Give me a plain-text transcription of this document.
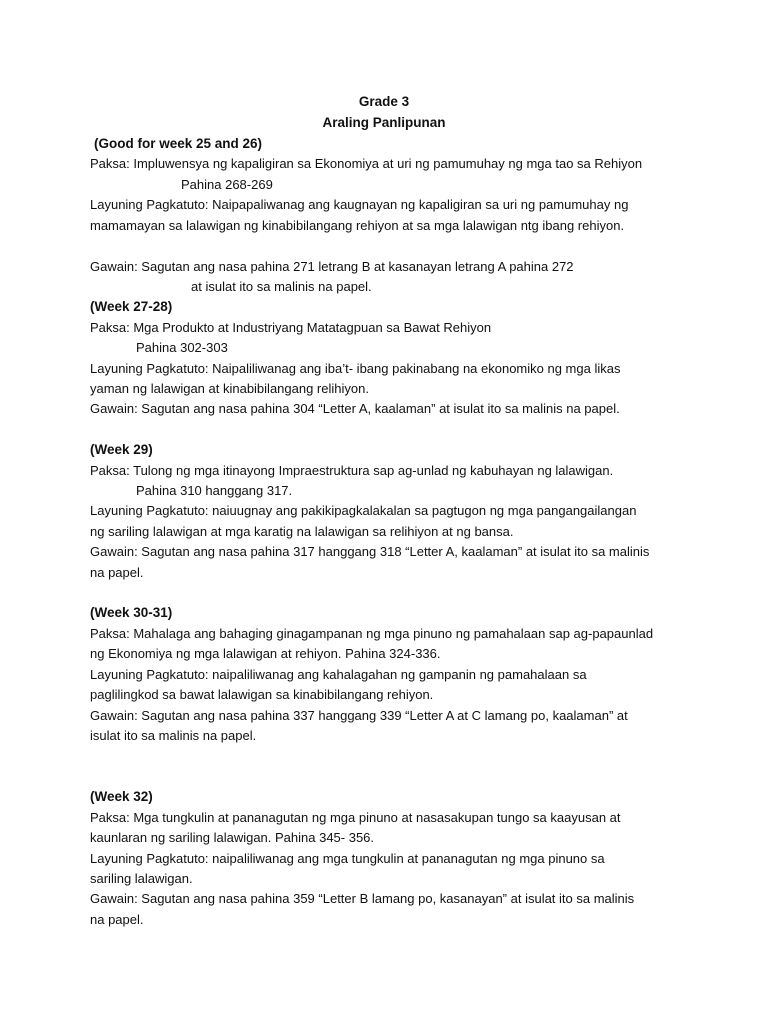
Grade 3

Araling Panlipunan

(Good for week 25 and 26)

Paksa: Impluwensya ng kapaligiran sa Ekonomiya at uri ng pamumuhay ng mga tao sa Rehiyon

Pahina 268-269

Layuning Pagkatuto: Naipapaliwanag ang kaugnayan ng kapaligiran sa uri ng pamumuhay ng

mamamayan sa lalawigan ng kinabibilangang rehiyon at sa mga lalawigan ntg ibang rehiyon.

Gawain: Sagutan ang nasa pahina 271 letrang B at kasanayan letrang A pahina 272

at isulat ito sa malinis na papel.

(Week 27-28)

Paksa: Mga Produkto at Industriyang Matatagpuan sa Bawat Rehiyon

Pahina 302-303

Layuning Pagkatuto: Naipaliliwanag ang iba’t- ibang pakinabang na ekonomiko ng mga likas

yaman ng lalawigan at kinabibilangang relihiyon.

Gawain: Sagutan ang nasa pahina 304 “Letter A, kaalaman” at isulat ito sa malinis na papel.

(Week 29)

Paksa: Tulong ng mga itinayong Impraestruktura sap ag-unlad ng kabuhayan ng lalawigan.

Pahina 310 hanggang 317.

Layuning Pagkatuto: naiuugnay ang pakikipagkalakalan sa pagtugon ng mga pangangailangan

ng sariling lalawigan at mga karatig na lalawigan sa relihiyon at ng bansa.

Gawain: Sagutan ang nasa pahina 317 hanggang 318 “Letter A, kaalaman” at isulat ito sa malinis

na papel.

(Week 30-31)

Paksa: Mahalaga ang bahaging ginagampanan ng mga pinuno ng pamahalaan sap ag-papaunlad

ng Ekonomiya ng mga lalawigan at rehiyon. Pahina 324-336.

Layuning Pagkatuto: naipaliliwanag ang kahalagahan ng gampanin ng pamahalaan sa

paglilingkod sa bawat lalawigan sa kinabibilangang rehiyon.

Gawain: Sagutan ang nasa pahina 337 hanggang 339 “Letter A at C lamang po, kaalaman” at

isulat ito sa malinis na papel.

(Week 32)

Paksa: Mga tungkulin at pananagutan ng mga pinuno at nasasakupan tungo sa kaayusan at

kaunlaran ng sariling lalawigan. Pahina 345- 356.

Layuning Pagkatuto: naipaliliwanag ang mga tungkulin at pananagutan ng mga pinuno sa

sariling lalawigan.

Gawain: Sagutan ang nasa pahina 359 “Letter B lamang po, kasanayan” at isulat ito sa malinis

na papel.
